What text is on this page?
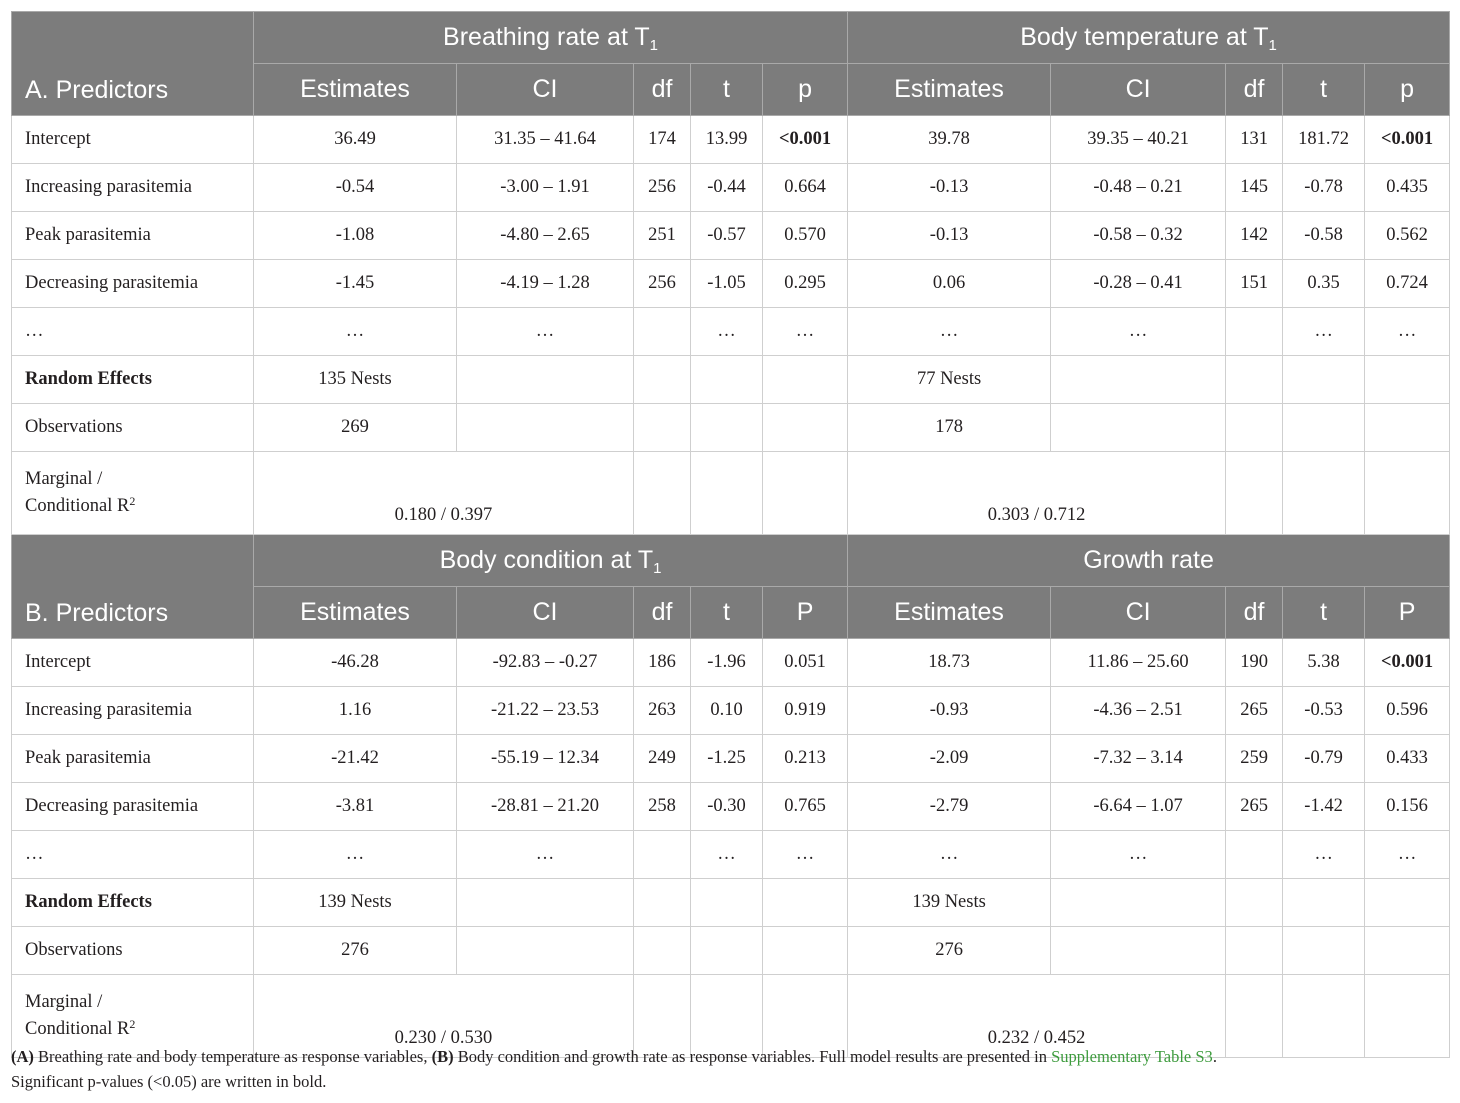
A. Predictors	Breathing rate at $T_1$					Body temperature at $T_1$
	Estimates	CI	df	t	p	Estimates	CI	df	t	p
Intercept	36.49	31.35 – 41.64	174	13.99	<0.001	39.78	39.35 – 40.21	131	181.72	<0.001
Increasing parasitemia	-0.54	-3.00 – 1.91	256	-0.44	0.664	-0.13	-0.48 – 0.21	145	-0.78	0.435
Peak parasitemia	-1.08	-4.80 – 2.65	251	-0.57	0.570	-0.13	-0.58 – 0.32	142	-0.58	0.562
Decreasing parasitemia	-1.45	-4.19 – 1.28	256	-1.05	0.295	0.06	-0.28 – 0.41	151	0.35	0.724
…	…	…		…	…	…	…		…	…
Random Effects	135 Nests					77 Nests				
Observations	269					178				
Marginal /
Conditional $R^2$	0.180 / 0.397					0.303 / 0.712				
B. Predictors	Body condition at $T_1$					Growth rate				
	Estimates	CI	df	t	P	Estimates	CI	df	t	P
Intercept	-46.28	-92.83 – -0.27	186	-1.96	0.051	18.73	11.86 – 25.60	190	5.38	<0.001
Increasing parasitemia	1.16	-21.22 – 23.53	263	0.10	0.919	-0.93	-4.36 – 2.51	265	-0.53	0.596
Peak parasitemia	-21.42	-55.19 – 12.34	249	-1.25	0.213	-2.09	-7.32 – 3.14	259	-0.79	0.433
Decreasing parasitemia	-3.81	-28.81 – 21.20	258	-0.30	0.765	-2.79	-6.64 – 1.07	265	-1.42	0.156
…	…	…		…	…	…	…		…	…
Random Effects	139 Nests					139 Nests				
Observations	276					276				
Marginal /
Conditional $R^2$	0.230 / 0.530					0.232 / 0.452				
(A) Breathing rate and body temperature as response variables, (B) Body condition and growth rate as response variables. Full model results are presented in Supplementary Table S3.
Significant p-values (<0.05) are written in bold.
